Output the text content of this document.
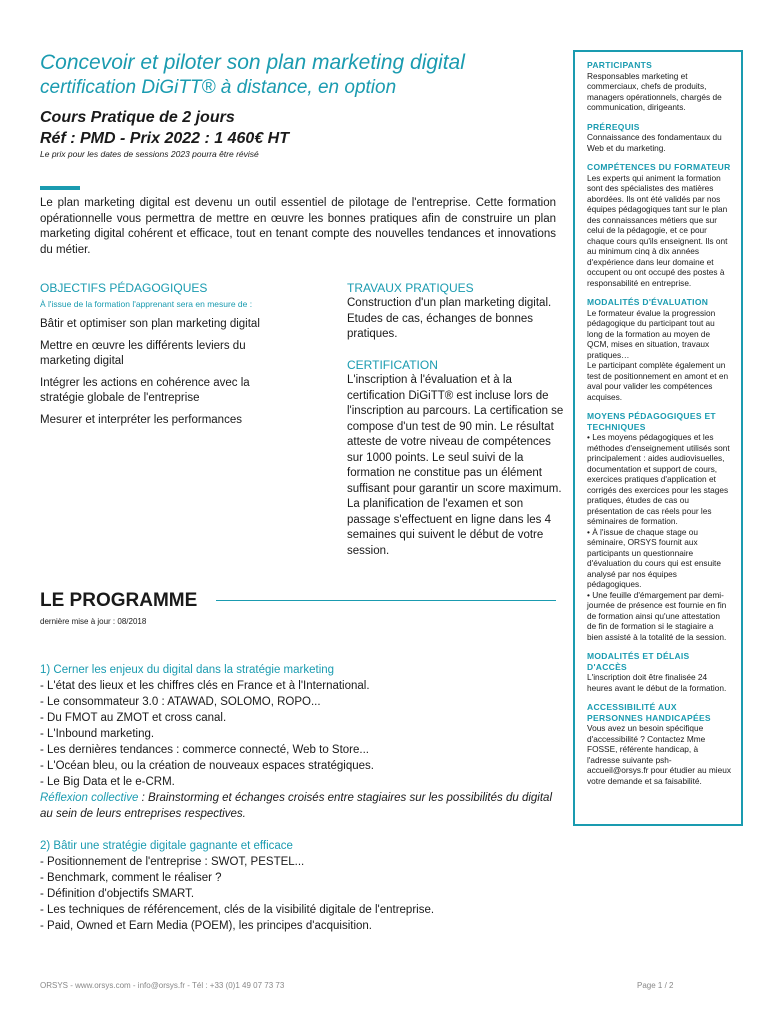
Concevoir et piloter son plan marketing digital
certification DiGiTT® à distance, en option
Cours Pratique de 2 jours
Réf : PMD - Prix 2022 : 1 460€ HT
Le prix pour les dates de sessions 2023 pourra être révisé
Le plan marketing digital est devenu un outil essentiel de pilotage de l'entreprise. Cette formation opérationnelle vous permettra de mettre en œuvre les bonnes pratiques afin de construire un plan marketing digital cohérent et efficace, tout en tenant compte des nouvelles tendances et innovations du métier.
OBJECTIFS PÉDAGOGIQUES
À l'issue de la formation l'apprenant sera en mesure de :

Bâtir et optimiser son plan marketing digital

Mettre en œuvre les différents leviers du marketing digital

Intégrer les actions en cohérence avec la stratégie globale de l'entreprise

Mesurer et interpréter les performances

TRAVAUX PRATIQUES
Construction d'un plan marketing digital. Etudes de cas, échanges de bonnes pratiques.
CERTIFICATION
L'inscription à l'évaluation et à la certification DiGiTT® est incluse lors de l'inscription au parcours. La certification se compose d'un test de 90 min. Le résultat atteste de votre niveau de compétences sur 1000 points. Le seul suivi de la formation ne constitue pas un élément suffisant pour garantir un score maximum. La planification de l'examen et son passage s'effectuent en ligne dans les 4 semaines qui suivent le début de votre session.
LE PROGRAMME
dernière mise à jour : 08/2018
1) Cerner les enjeux du digital dans la stratégie marketing

- L'état des lieux et les chiffres clés en France et à l'International.

- Le consommateur 3.0 : ATAWAD, SOLOMO, ROPO...

- Du FMOT au ZMOT et cross canal.

- L'Inbound marketing.

- Les dernières tendances : commerce connecté, Web to Store...

- L'Océan bleu, ou la création de nouveaux espaces stratégiques.

- Le Big Data et le e-CRM.

Réflexion collective : Brainstorming et échanges croisés entre stagiaires sur les possibilités du digital au sein de leurs entreprises respectives.

2) Bâtir une stratégie digitale gagnante et efficace

- Positionnement de l'entreprise : SWOT, PESTEL...

- Benchmark, comment le réaliser ?

- Définition d'objectifs SMART.

- Les techniques de référencement, clés de la visibilité digitale de l'entreprise.

- Paid, Owned et Earn Media (POEM), les principes d'acquisition.

PARTICIPANTS
Responsables marketing et commerciaux, chefs de produits, managers opérationnels, chargés de communication, dirigeants.
PRÉREQUIS
Connaissance des fondamentaux du Web et du marketing.
COMPÉTENCES DU FORMATEUR
Les experts qui animent la formation sont des spécialistes des matières abordées. Ils ont été validés par nos équipes pédagogiques tant sur le plan des connaissances métiers que sur celui de la pédagogie, et ce pour chaque cours qu'ils enseignent. Ils ont au minimum cinq à dix années d'expérience dans leur domaine et occupent ou ont occupé des postes à responsabilité en entreprise.
MODALITÉS D'ÉVALUATION
Le formateur évalue la progression pédagogique du participant tout au long de la formation au moyen de QCM, mises en situation, travaux pratiques…
Le participant complète également un test de positionnement en amont et en aval pour valider les compétences acquises.
MOYENS PÉDAGOGIQUES ET TECHNIQUES
• Les moyens pédagogiques et les méthodes d'enseignement utilisés sont principalement : aides audiovisuelles, documentation et support de cours, exercices pratiques d'application et corrigés des exercices pour les stages pratiques, études de cas ou présentation de cas réels pour les séminaires de formation.
• À l'issue de chaque stage ou séminaire, ORSYS fournit aux participants un questionnaire d'évaluation du cours qui est ensuite analysé par nos équipes pédagogiques.
• Une feuille d'émargement par demi-journée de présence est fournie en fin de formation ainsi qu'une attestation de fin de formation si le stagiaire a bien assisté à la totalité de la session.
MODALITÉS ET DÉLAIS D'ACCÈS
L'inscription doit être finalisée 24 heures avant le début de la formation.
ACCESSIBILITÉ AUX PERSONNES HANDICAPÉES
Vous avez un besoin spécifique d'accessibilité ? Contactez Mme FOSSE, référente handicap, à l'adresse suivante psh-accueil@orsys.fr pour étudier au mieux votre demande et sa faisabilité.
ORSYS - www.orsys.com - info@orsys.fr - Tél : +33 (0)1 49 07 73 73	Page 1 / 2
